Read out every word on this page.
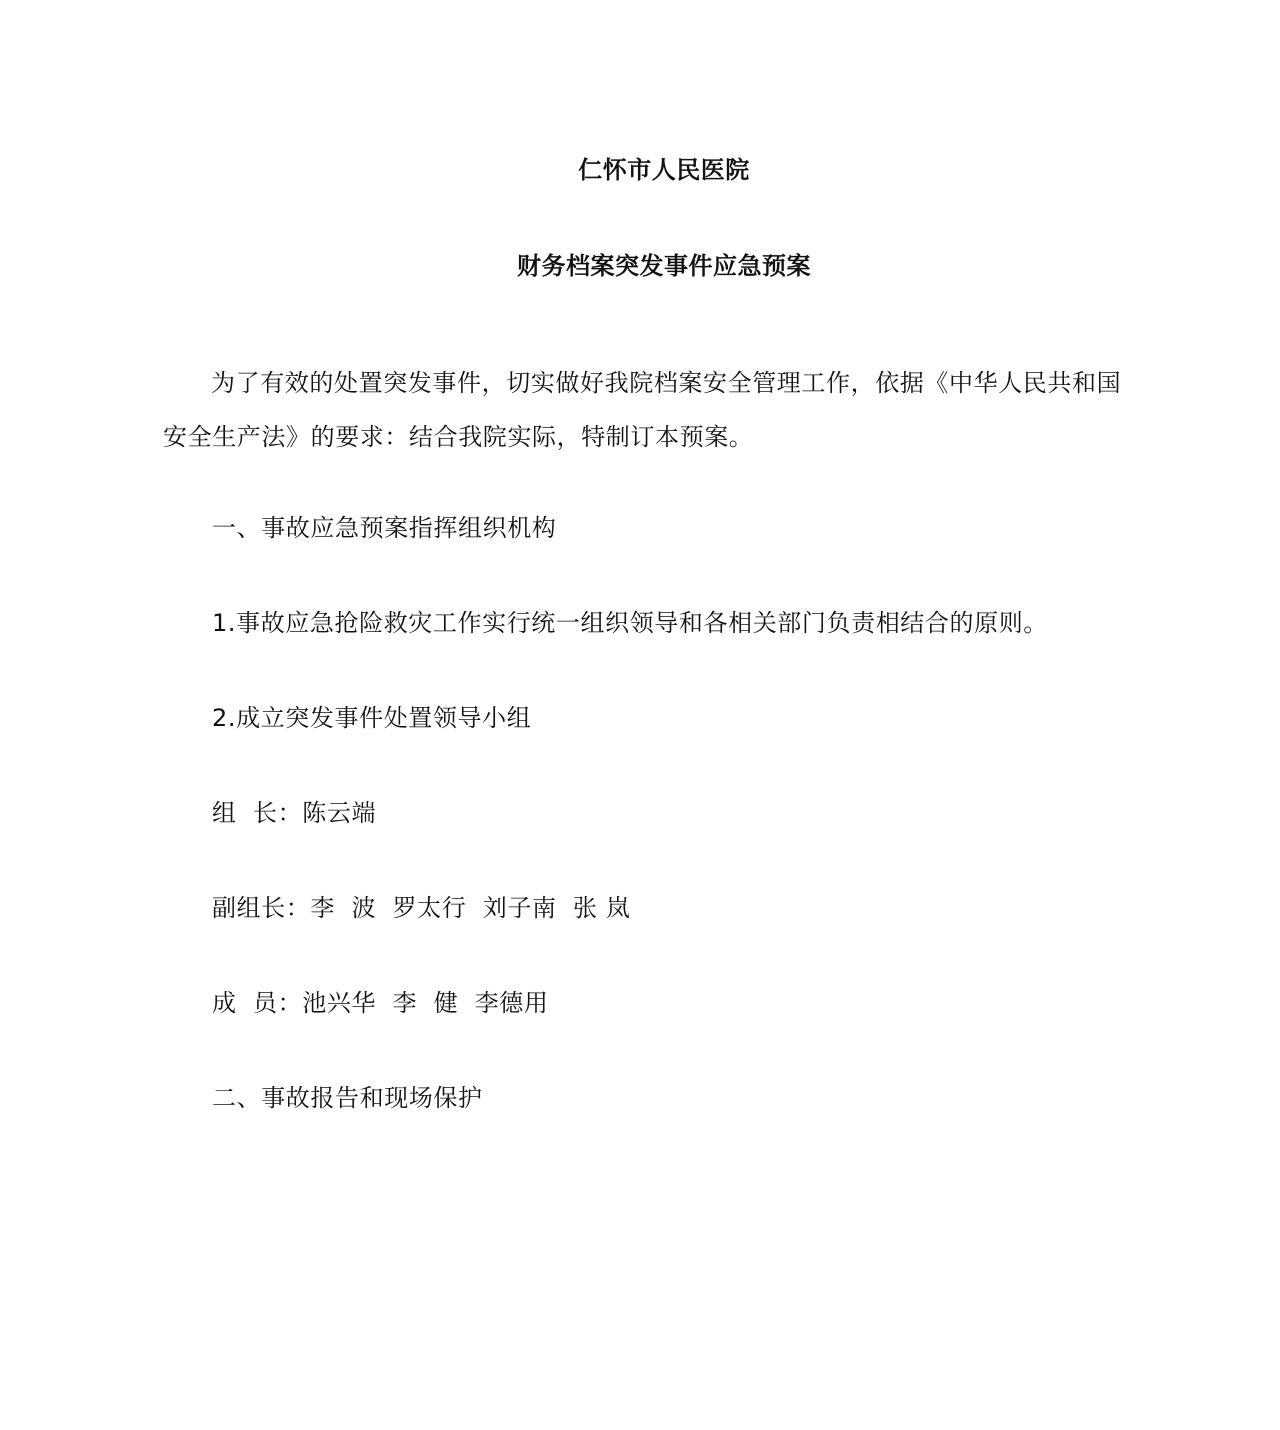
仁怀市人民医院
财务档案突发事件应急预案
为了有效的处置突发事件，切实做好我院档案安全管理工作，依据《中华人民共和国安全生产法》的要求：结合我院实际，特制订本预案。
一、事故应急预案指挥组织机构
1.事故应急抢险救灾工作实行统一组织领导和各相关部门负责相结合的原则。
2.成立突发事件处置领导小组
组  长：陈云端
副组长：李  波  罗太行  刘子南  张 岚
成  员：池兴华  李  健  李德用
二、事故报告和现场保护
